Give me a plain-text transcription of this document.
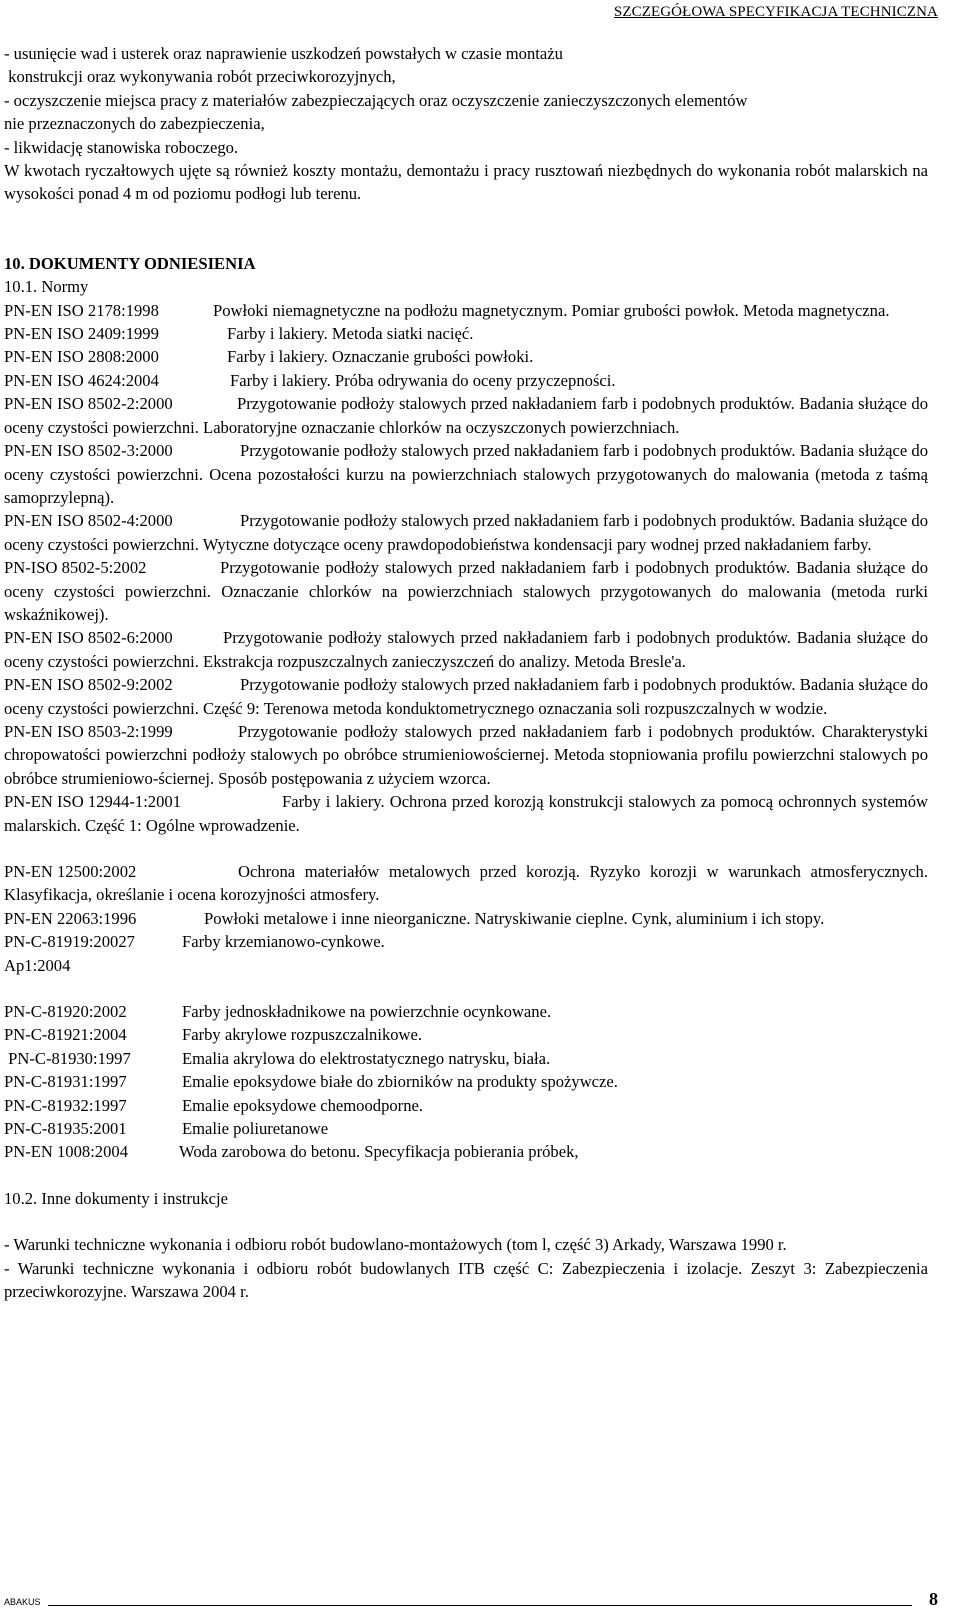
SZCZEGÓŁOWA SPECYFIKACJA TECHNICZNA

- usunięcie wad i usterek oraz naprawienie uszkodzeń powstałych w czasie montażu

konstrukcji oraz wykonywania robót przeciwkorozyjnych,

- oczyszczenie miejsca pracy z materiałów zabezpieczających oraz oczyszczenie zanieczyszczonych elementów

nie przeznaczonych do zabezpieczenia,

- likwidację stanowiska roboczego.

W kwotach ryczałtowych ujęte są również koszty montażu, demontażu i pracy rusztowań niezbędnych do wykonania robót malarskich na wysokości ponad 4 m od poziomu podłogi lub terenu.

10. DOKUMENTY ODNIESIENIA

10.1. Normy

PN-EN ISO 2178:1998	Powłoki niemagnetyczne na podłożu magnetycznym. Pomiar grubości powłok. Metoda magnetyczna.

PN-EN ISO 2409:1999	Farby i lakiery. Metoda siatki nacięć.

PN-EN ISO 2808:2000	Farby i lakiery. Oznaczanie grubości powłoki.

PN-EN ISO 4624:2004	Farby i lakiery. Próba odrywania do oceny przyczepności.

PN-EN ISO 8502-2:2000	Przygotowanie podłoży stalowych przed nakładaniem farb i podobnych produktów. Badania służące do oceny czystości powierzchni. Laboratoryjne oznaczanie chlorków na oczyszczonych powierzchniach.

PN-EN ISO 8502-3:2000	Przygotowanie podłoży stalowych przed nakładaniem farb i podobnych produktów. Badania służące do oceny czystości powierzchni. Ocena pozostałości kurzu na powierzchniach stalowych przygotowanych do malowania (metoda z taśmą samoprzylepną).

PN-EN ISO 8502-4:2000	Przygotowanie podłoży stalowych przed nakładaniem farb i podobnych produktów. Badania służące do oceny czystości powierzchni. Wytyczne dotyczące oceny prawdopodobieństwa kondensacji pary wodnej przed nakładaniem farby.

PN-ISO 8502-5:2002	Przygotowanie podłoży stalowych przed nakładaniem farb i podobnych produktów. Badania służące do oceny czystości powierzchni. Oznaczanie chlorków na powierzchniach stalowych przygotowanych do malowania (metoda rurki wskaźnikowej).

PN-EN ISO 8502-6:2000	Przygotowanie podłoży stalowych przed nakładaniem farb i podobnych produktów. Badania służące do oceny czystości powierzchni. Ekstrakcja rozpuszczalnych zanieczyszczeń do analizy. Metoda Bresle'a.

PN-EN ISO 8502-9:2002	Przygotowanie podłoży stalowych przed nakładaniem farb i podobnych produktów. Badania służące do oceny czystości powierzchni. Część 9: Terenowa metoda konduktometrycznego oznaczania soli rozpuszczalnych w wodzie.

PN-EN ISO 8503-2:1999	Przygotowanie podłoży stalowych przed nakładaniem farb i podobnych produktów. Charakterystyki chropowatości powierzchni podłoży stalowych po obróbce strumieniowościernej. Metoda stopniowania profilu powierzchni stalowych po obróbce strumieniowo-ściernej. Sposób postępowania z użyciem wzorca.

PN-EN ISO 12944-1:2001	Farby i lakiery. Ochrona przed korozją konstrukcji stalowych za pomocą ochronnych systemów malarskich. Część 1: Ogólne wprowadzenie.

PN-EN 12500:2002	Ochrona materiałów metalowych przed korozją. Ryzyko korozji w warunkach atmosferycznych. Klasyfikacja, określanie i ocena korozyjności atmosfery.

PN-EN 22063:1996	Powłoki metalowe i inne nieorganiczne. Natryskiwanie cieplne. Cynk, aluminium i ich stopy.

PN-C-81919:20027	Farby krzemianowo-cynkowe.

Ap1:2004

PN-C-81920:2002	Farby jednoskładnikowe na powierzchnie ocynkowane.

PN-C-81921:2004	Farby akrylowe rozpuszczalnikowe.

PN-C-81930:1997	Emalia akrylowa do elektrostatycznego natrysku, biała.

PN-C-81931:1997	Emalie epoksydowe białe do zbiorników na produkty spożywcze.

PN-C-81932:1997	Emalie epoksydowe chemoodporne.

PN-C-81935:2001	Emalie poliuretanowe

PN-EN 1008:2004	Woda zarobowa do betonu. Specyfikacja pobierania próbek,

10.2. Inne dokumenty i instrukcje

- Warunki techniczne wykonania i odbioru robót budowlano-montażowych (tom l, część 3) Arkady, Warszawa 1990 r.

- Warunki techniczne wykonania i odbioru robót budowlanych ITB część C: Zabezpieczenia i izolacje. Zeszyt 3: Zabezpieczenia przeciwkorozyjne. Warszawa 2004 r.

ABAKUS	8
